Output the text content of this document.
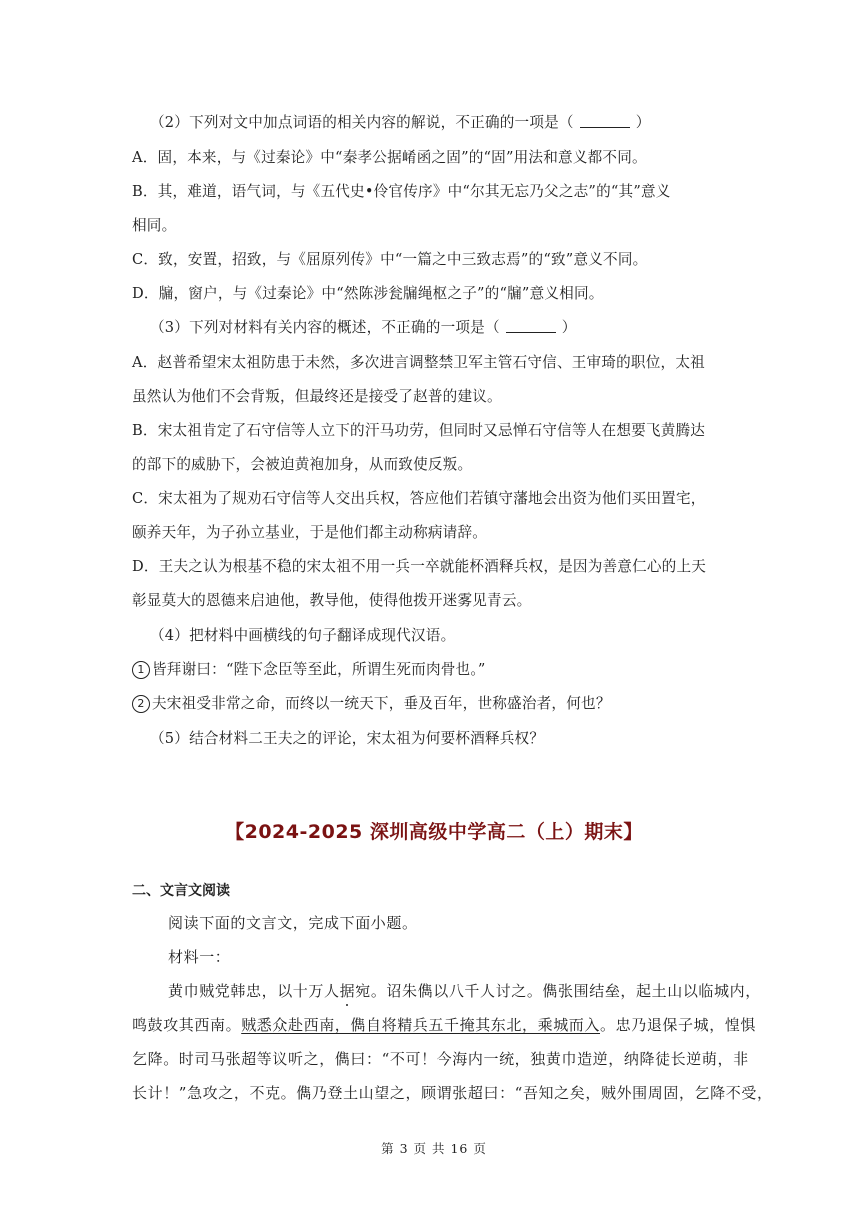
（2）下列对文中加点词语的相关内容的解说，不正确的一项是（	）
A．固，本来，与《过秦论》中“秦孝公据崤函之固”的“固”用法和意义都不同。
B．其，难道，语气词，与《五代史•伶官传序》中“尔其无忘乃父之志”的“其”意义
相同。
C．致，安置，招致，与《屈原列传》中“一篇之中三致志焉”的“致”意义不同。
D．牖，窗户，与《过秦论》中“然陈涉瓮牖绳枢之子”的“牖”意义相同。
（3）下列对材料有关内容的概述，不正确的一项是（	）
A．赵普希望宋太祖防患于未然，多次进言调整禁卫军主管石守信、王审琦的职位，太祖
虽然认为他们不会背叛，但最终还是接受了赵普的建议。
B．宋太祖肯定了石守信等人立下的汗马功劳，但同时又忌惮石守信等人在想要飞黄腾达
的部下的威胁下，会被迫黄袍加身，从而致使反叛。
C．宋太祖为了规劝石守信等人交出兵权，答应他们若镇守藩地会出资为他们买田置宅，
颐养天年，为子孙立基业，于是他们都主动称病请辞。
D．王夫之认为根基不稳的宋太祖不用一兵一卒就能杯酒释兵权，是因为善意仁心的上天
彰显莫大的恩德来启迪他，教导他，使得他拨开迷雾见青云。
（4）把材料中画横线的句子翻译成现代汉语。
1 皆拜谢曰：“陛下念臣等至此，所谓生死而肉骨也。”
2 夫宋祖受非常之命，而终以一统天下，垂及百年，世称盛治者，何也？
（5）结合材料二王夫之的评论，宋太祖为何要杯酒释兵权？
【2024-2025 深圳高级中学高二（上）期末】
二、文言文阅读
阅读下面的文言文，完成下面小题。
材料一：
黄巾贼党韩忠，以十万人据宛。诏朱儁以八千人讨之。儁张围结垒，起土山以临城内，
鸣鼓攻其西南。贼悉众赴西南，儁自将精兵五千掩其东北，乘城而入。忠乃退保子城，惶惧
乞降。时司马张超等议听之，儁曰：“不可！今海内一统，独黄巾造逆，纳降徒长逆萌，非
长计！”急攻之，不克。儁乃登土山望之，顾谓张超曰：“吾知之矣，贼外围周固，乞降不受，
第 3 页 共 16 页
